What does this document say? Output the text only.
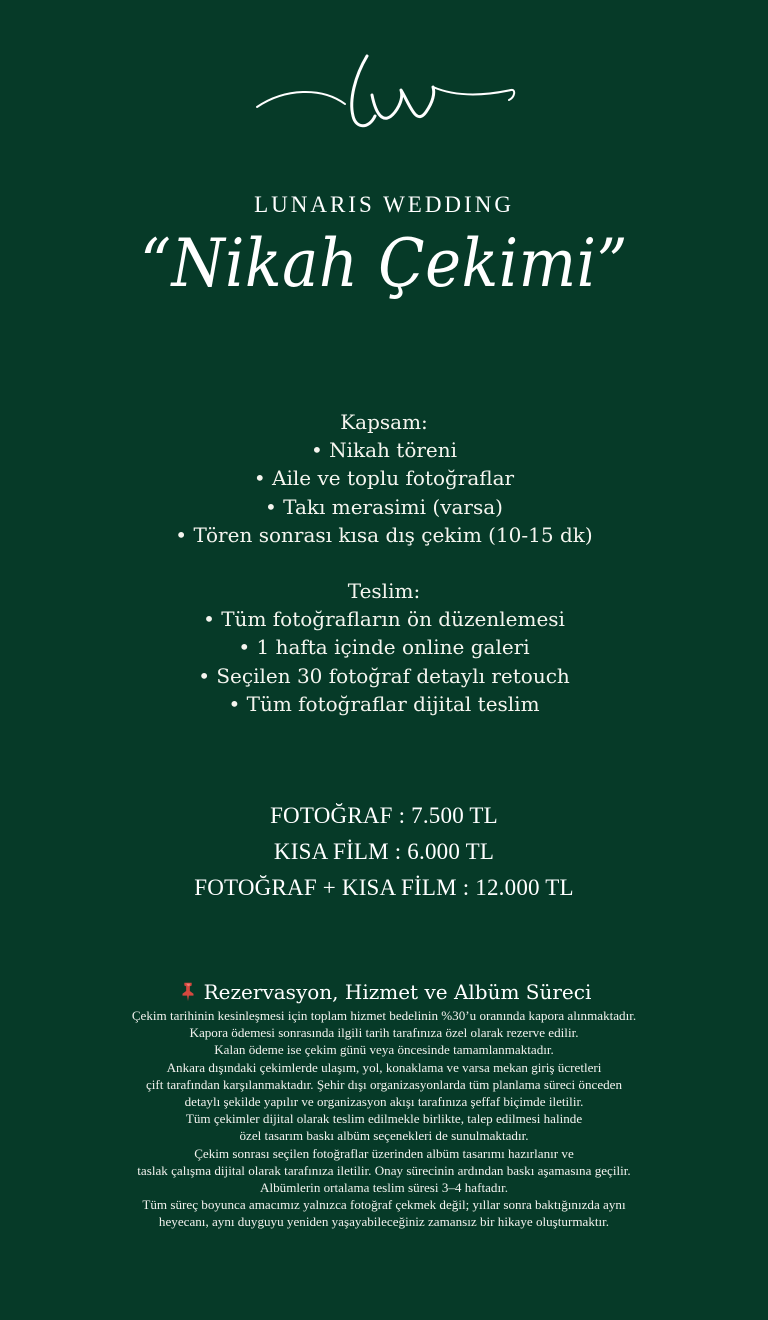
LUNARIS WEDDING
“Nikah Çekimi”
Kapsam:
• Nikah töreni
• Aile ve toplu fotoğraflar
• Takı merasimi (varsa)
• Tören sonrası kısa dış çekim (10-15 dk)
Teslim:
• Tüm fotoğrafların ön düzenlemesi
• 1 hafta içinde online galeri
• Seçilen 30 fotoğraf detaylı retouch
• Tüm fotoğraflar dijital teslim
FOTOĞRAF : 7.500 TL
KISA FİLM : 6.000 TL
FOTOĞRAF + KISA FİLM : 12.000 TL
Rezervasyon, Hizmet ve Albüm Süreci
Çekim tarihinin kesinleşmesi için toplam hizmet bedelinin %30’u oranında kapora alınmaktadır.
Kapora ödemesi sonrasında ilgili tarih tarafınıza özel olarak rezerve edilir.
Kalan ödeme ise çekim günü veya öncesinde tamamlanmaktadır.
Ankara dışındaki çekimlerde ulaşım, yol, konaklama ve varsa mekan giriş ücretleri
çift tarafından karşılanmaktadır. Şehir dışı organizasyonlarda tüm planlama süreci önceden
detaylı şekilde yapılır ve organizasyon akışı tarafınıza şeffaf biçimde iletilir.
Tüm çekimler dijital olarak teslim edilmekle birlikte, talep edilmesi halinde
özel tasarım baskı albüm seçenekleri de sunulmaktadır.
Çekim sonrası seçilen fotoğraflar üzerinden albüm tasarımı hazırlanır ve
taslak çalışma dijital olarak tarafınıza iletilir. Onay sürecinin ardından baskı aşamasına geçilir.
Albümlerin ortalama teslim süresi 3–4 haftadır.
Tüm süreç boyunca amacımız yalnızca fotoğraf çekmek değil; yıllar sonra baktığınızda aynı
heyecanı, aynı duyguyu yeniden yaşayabileceğiniz zamansız bir hikaye oluşturmaktır.
